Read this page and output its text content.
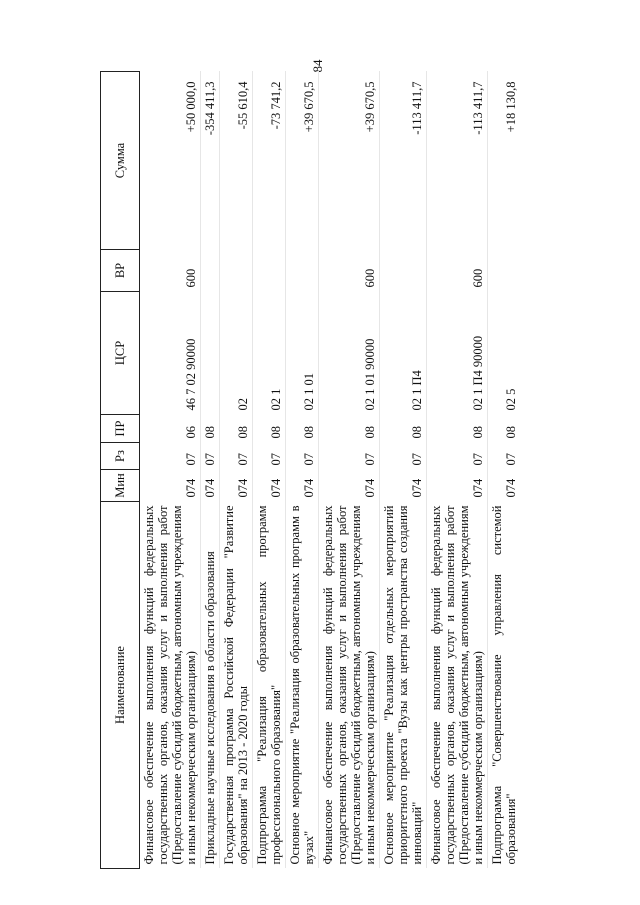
84
Наименование	Мин	Рз	ПР	ЦСР	ВР	Сумма
Финансовое обеспечение выполнения функций федеральных государственных органов, оказания услуг и выполнения работ (Предоставление субсидий бюджетным, автономным учреждениям и иным некоммерческим организациям)	074	07	06	46 7 02 90000	600	+50 000,0
Прикладные научные исследования в области образования	074	07	08			-354 411,3
Государственная программа Российской Федерации "Развитие образования" на 2013 - 2020 годы	074	07	08	02		-55 610,4
Подпрограмма "Реализация образовательных программ профессионального образования"	074	07	08	02 1		-73 741,2
Основное мероприятие "Реализация образовательных программ в вузах"	074	07	08	02 1 01		+39 670,5
Финансовое обеспечение выполнения функций федеральных государственных органов, оказания услуг и выполнения работ (Предоставление субсидий бюджетным, автономным учреждениям и иным некоммерческим организациям)	074	07	08	02 1 01 90000	600	+39 670,5
Основное мероприятие "Реализация отдельных мероприятий приоритетного проекта "Вузы как центры пространства создания инноваций"	074	07	08	02 1 П4		-113 411,7
Финансовое обеспечение выполнения функций федеральных государственных органов, оказания услуг и выполнения работ (Предоставление субсидий бюджетным, автономным учреждениям и иным некоммерческим организациям)	074	07	08	02 1 П4 90000	600	-113 411,7
Подпрограмма "Совершенствование управления системой образования"	074	07	08	02 5		+18 130,8
